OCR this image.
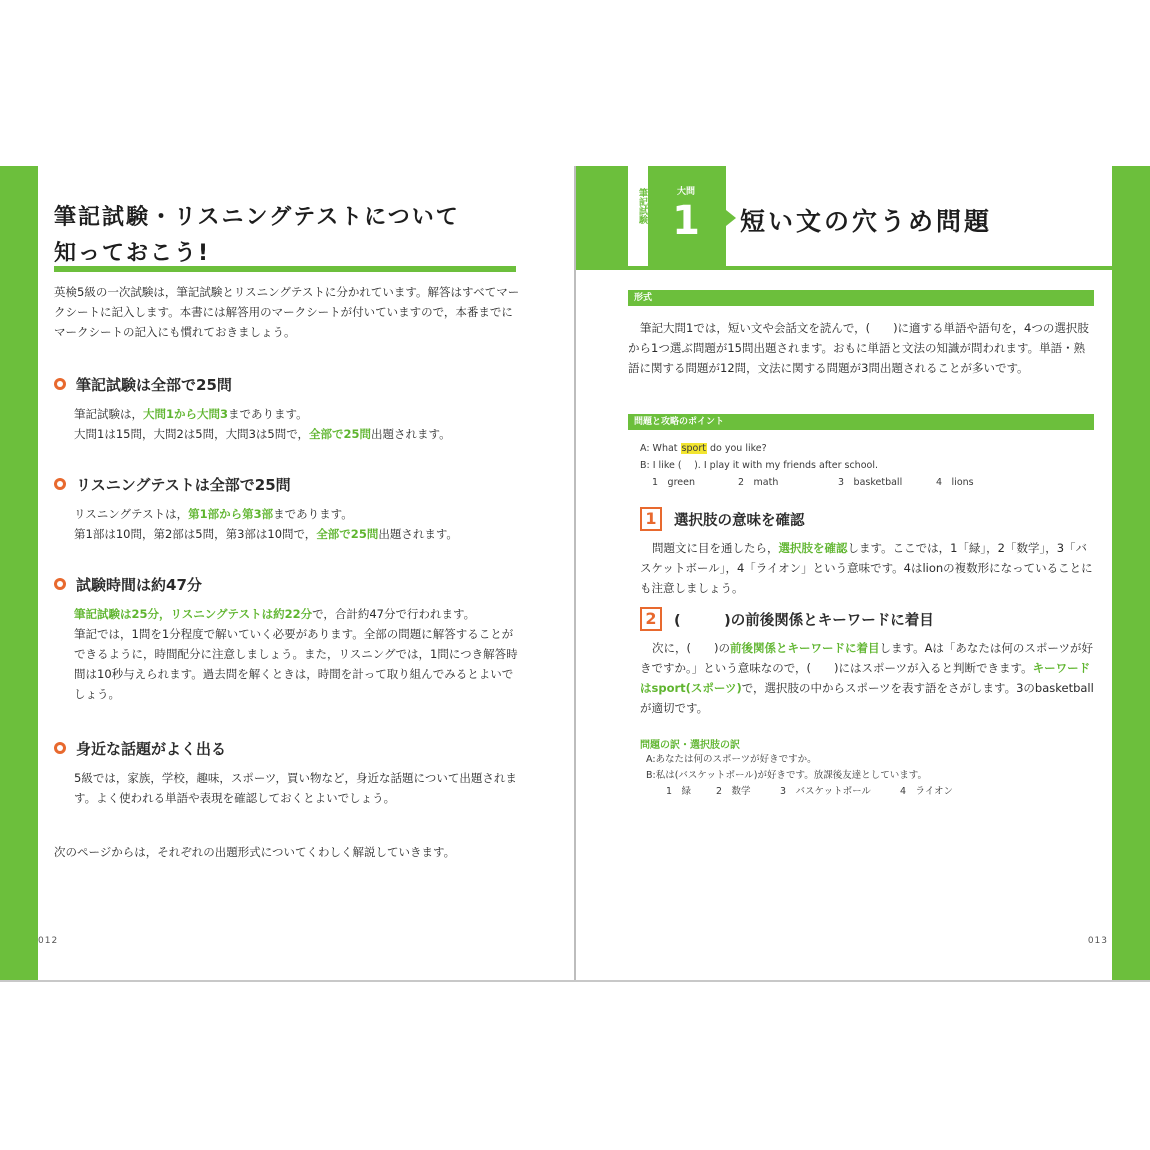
筆記試験・リスニングテストについて
知っておこう!

英検5級の一次試験は，筆記試験とリスニングテストに分かれています。解答はすべてマークシートに記入します。本書には解答用のマークシートが付いていますので，本番までにマークシートの記入にも慣れておきましょう。

筆記試験は全部で25問

筆記試験は，大問1から大問3まであります。

大問1は15問，大問2は5問，大問3は5問で，全部で25問出題されます。

リスニングテストは全部で25問

リスニングテストは，第1部から第3部まであります。

第1部は10問，第2部は5問，第3部は10問で，全部で25問出題されます。

試験時間は約47分

筆記試験は25分，リスニングテストは約22分で，合計約47分で行われます。

筆記では，1問を1分程度で解いていく必要があります。全部の問題に解答することができるように，時間配分に注意しましょう。また，リスニングでは，1問につき解答時間は10秒与えられます。過去問を解くときは，時間を計って取り組んでみるとよいでしょう。

身近な話題がよく出る

5級では，家族，学校，趣味，スポーツ，買い物など，身近な話題について出題されます。よく使われる単語や表現を確認しておくとよいでしょう。

次のページからは，それぞれの出題形式についてくわしく解説していきます。

012
筆記試験	大問
1	短い文の穴うめ問題
形式

筆記大問1では，短い文や会話文を読んで，(　　)に適する単語や語句を，4つの選択肢から1つ選ぶ問題が15問出題されます。おもに単語と文法の知識が問われます。単語・熟語に関する問題が12問，文法に関する問題が3問出題されることが多いです。

問題と攻略のポイント
A: What sport do you like?
B: I like (　 ). I play it with my friends after school.
1　green	2　math	3　basketball	4　lions
1	選択肢の意味を確認

問題文に目を通したら，選択肢を確認します。ここでは，1「緑」，2「数学」，3「バスケットボール」，4「ライオン」という意味です。4はlionの複数形になっていることにも注意しましょう。

2	(　　　)の前後関係とキーワードに着目

次に，(　　)の前後関係とキーワードに着目します。Aは「あなたは何のスポーツが好きですか。」という意味なので，(　　)にはスポーツが入ると判断できます。キーワードはsport(スポーツ)で，選択肢の中からスポーツを表す語をさがします。3のbasketballが適切です。

問題の訳・選択肢の訳
A:あなたは何のスポーツが好きですか。
B:私は(バスケットボール)が好きです。放課後友達としています。
1　緑	2　数学	3　バスケットボール	4　ライオン
013
